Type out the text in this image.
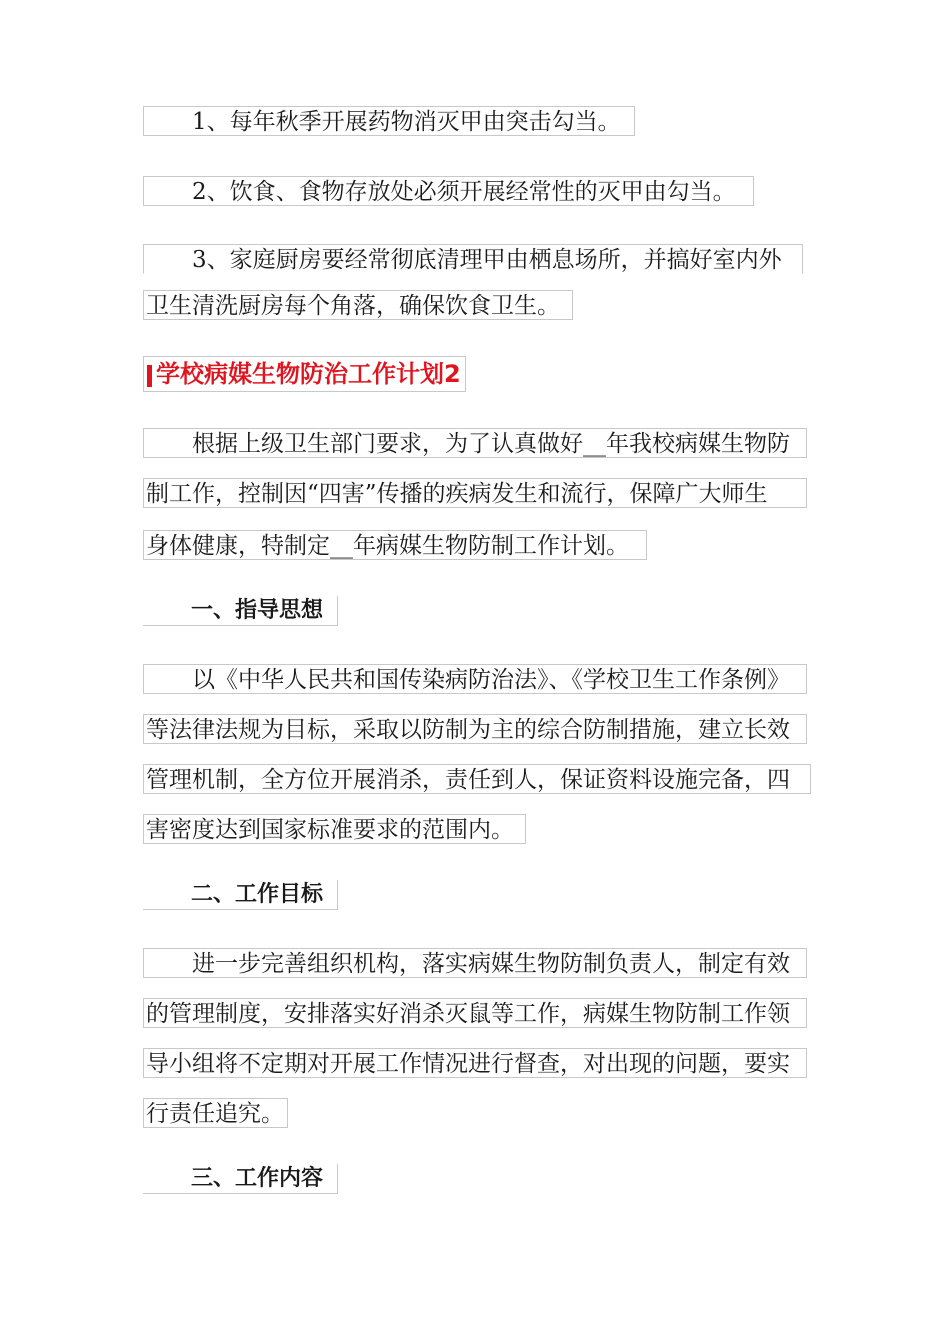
1、每年秋季开展药物消灭甲由突击勾当。
2、饮食、食物存放处必须开展经常性的灭甲由勾当。
3、家庭厨房要经常彻底清理甲由栖息场所，并搞好室内外
卫生清洗厨房每个角落，确保饮食卫生。
学校病媒生物防治工作计划2
根据上级卫生部门要求，为了认真做好__年我校病媒生物防
制工作，控制因“四害”传播的疾病发生和流行，保障广大师生
身体健康，特制定__年病媒生物防制工作计划。
一、指导思想
以《中华人民共和国传染病防治法》、《学校卫生工作条例》
等法律法规为目标，采取以防制为主的综合防制措施，建立长效
管理机制，全方位开展消杀，责任到人，保证资料设施完备，四
害密度达到国家标准要求的范围内。
二、工作目标
进一步完善组织机构，落实病媒生物防制负责人，制定有效
的管理制度，安排落实好消杀灭鼠等工作，病媒生物防制工作领
导小组将不定期对开展工作情况进行督查，对出现的问题，要实
行责任追究。
三、工作内容
